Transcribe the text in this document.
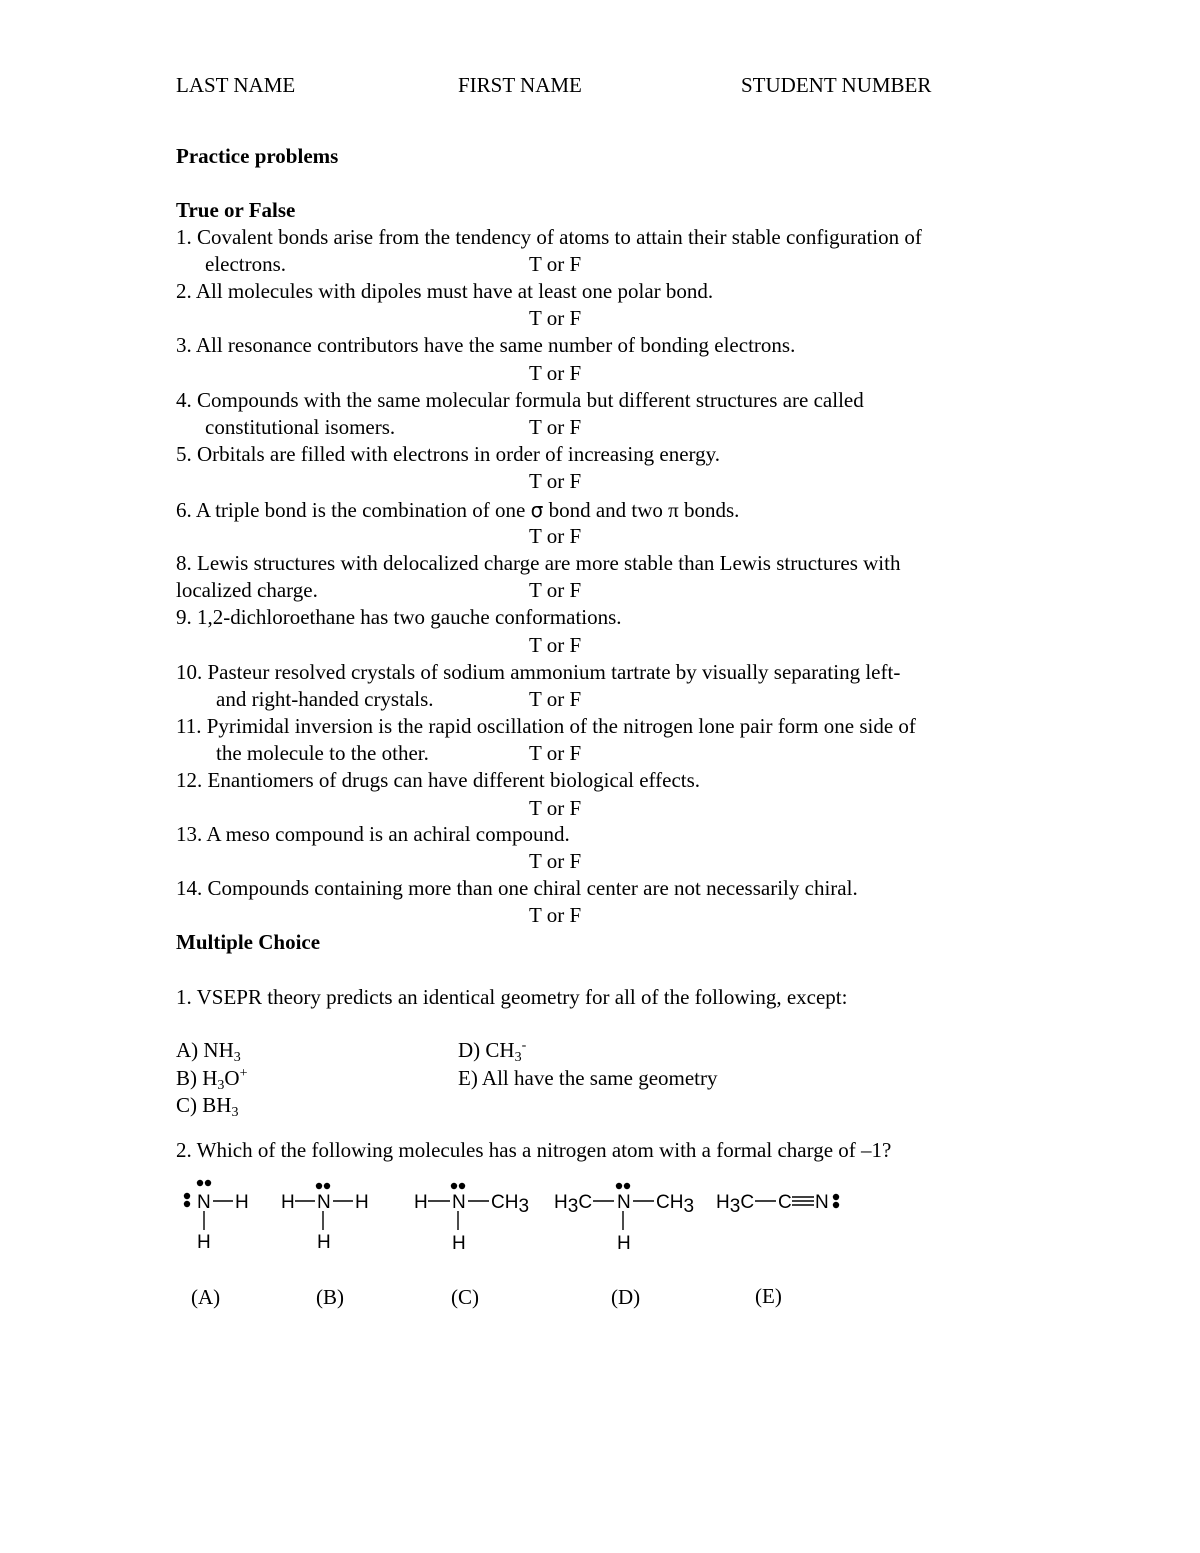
LAST NAME	FIRST NAME	STUDENT NUMBER
Practice problems
True or False
1. Covalent bonds arise from the tendency of atoms to attain their stable configuration of
electrons.	T or F
2. All molecules with dipoles must have at least one polar bond.
T or F
3. All resonance contributors have the same number of bonding electrons.
T or F
4. Compounds with the same molecular formula but different structures are called
constitutional isomers.	T or F
5. Orbitals are filled with electrons in order of increasing energy.
T or F
6. A triple bond is the combination of one σ bond and two π bonds.
T or F
8. Lewis structures with delocalized charge are more stable than Lewis structures with
localized charge.	T or F
9. 1,2-dichloroethane has two gauche conformations.
T or F
10. Pasteur resolved crystals of sodium ammonium tartrate by visually separating left-
and right-handed crystals.	T or F
11. Pyrimidal inversion is the rapid oscillation of the nitrogen lone pair form one side of
the molecule to the other.	T or F
12. Enantiomers of drugs can have different biological effects.
T or F
13. A meso compound is an achiral compound.
T or F
14. Compounds containing more than one chiral center are not necessarily chiral.
T or F
Multiple Choice
1. VSEPR theory predicts an identical geometry for all of the following, except:
A) $NH_3$
B) $H_3O^+$
C) $BH_3$
D) $CH_3^-$
E) All have the same geometry
2. Which of the following molecules has a nitrogen atom with a formal charge of –1?
N H
H
H N H
H
H N CH3
H
H3C N CH3
H
H3C C N
(A)	(B)	(C)	(D)	(E)
